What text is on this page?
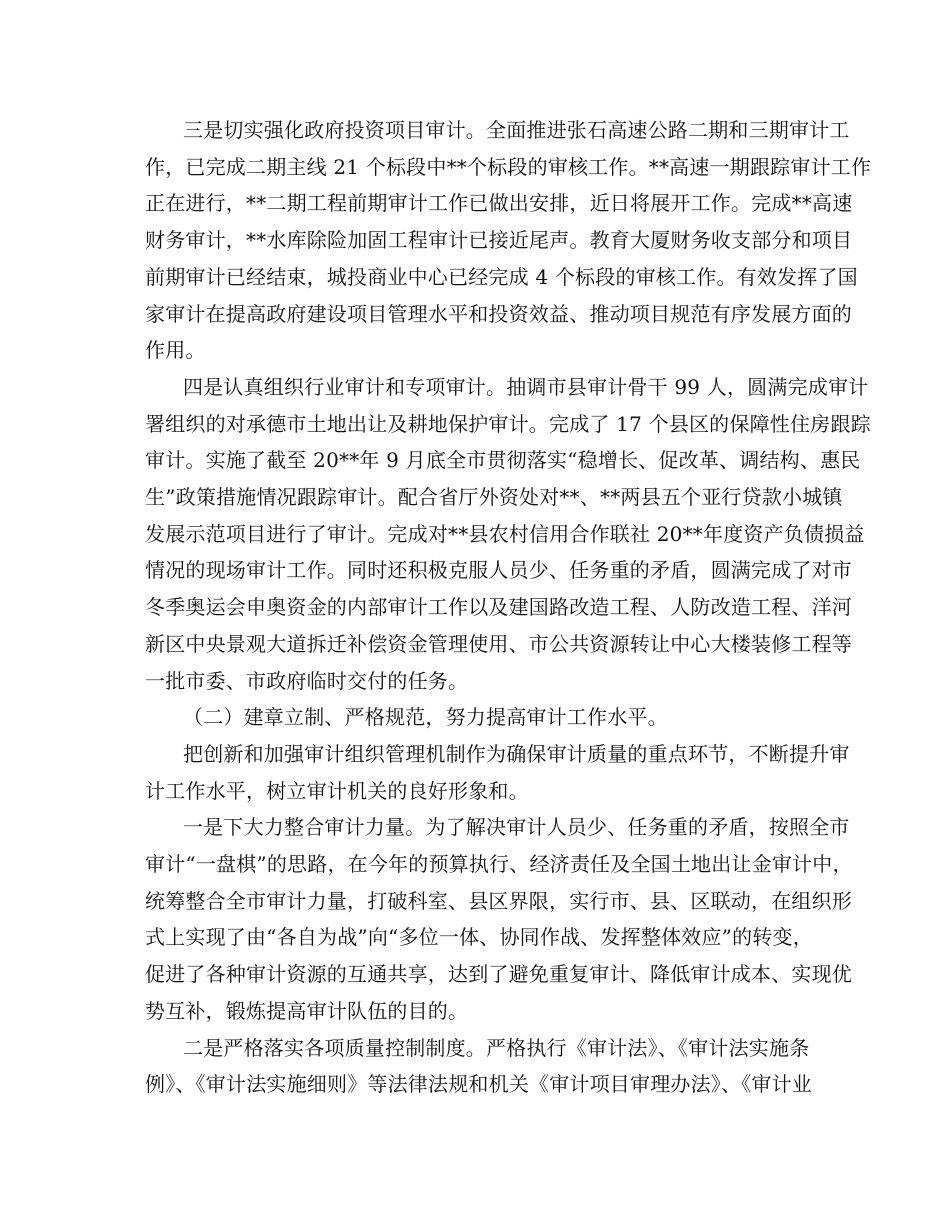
三是切实强化政府投资项目审计。全面推进张石高速公路二期和三期审计工
作，已完成二期主线 21 个标段中**个标段的审核工作。**高速一期跟踪审计工作
正在进行，**二期工程前期审计工作已做出安排，近日将展开工作。完成**高速
财务审计，**水库除险加固工程审计已接近尾声。教育大厦财务收支部分和项目
前期审计已经结束，城投商业中心已经完成 4 个标段的审核工作。有效发挥了国
家审计在提高政府建设项目管理水平和投资效益、推动项目规范有序发展方面的
作用。

四是认真组织行业审计和专项审计。抽调市县审计骨干 99 人，圆满完成审计
署组织的对承德市土地出让及耕地保护审计。完成了 17 个县区的保障性住房跟踪
审计。实施了截至 20**年 9 月底全市贯彻落实“稳增长、促改革、调结构、惠民
生”政策措施情况跟踪审计。配合省厅外资处对**、**两县五个亚行贷款小城镇
发展示范项目进行了审计。完成对**县农村信用合作联社 20**年度资产负债损益
情况的现场审计工作。同时还积极克服人员少、任务重的矛盾，圆满完成了对市
冬季奥运会申奥资金的内部审计工作以及建国路改造工程、人防改造工程、洋河
新区中央景观大道拆迁补偿资金管理使用、市公共资源转让中心大楼装修工程等
一批市委、市政府临时交付的任务。

（二）建章立制、严格规范，努力提高审计工作水平。

把创新和加强审计组织管理机制作为确保审计质量的重点环节，不断提升审
计工作水平，树立审计机关的良好形象和。

一是下大力整合审计力量。为了解决审计人员少、任务重的矛盾，按照全市
审计“一盘棋”的思路，在今年的预算执行、经济责任及全国土地出让金审计中，
统筹整合全市审计力量，打破科室、县区界限，实行市、县、区联动，在组织形
式上实现了由“各自为战”向“多位一体、协同作战、发挥整体效应”的转变，
促进了各种审计资源的互通共享，达到了避免重复审计、降低审计成本、实现优
势互补，锻炼提高审计队伍的目的。

二是严格落实各项质量控制制度。严格执行《审计法》、《审计法实施条
例》、《审计法实施细则》等法律法规和机关《审计项目审理办法》、《审计业
